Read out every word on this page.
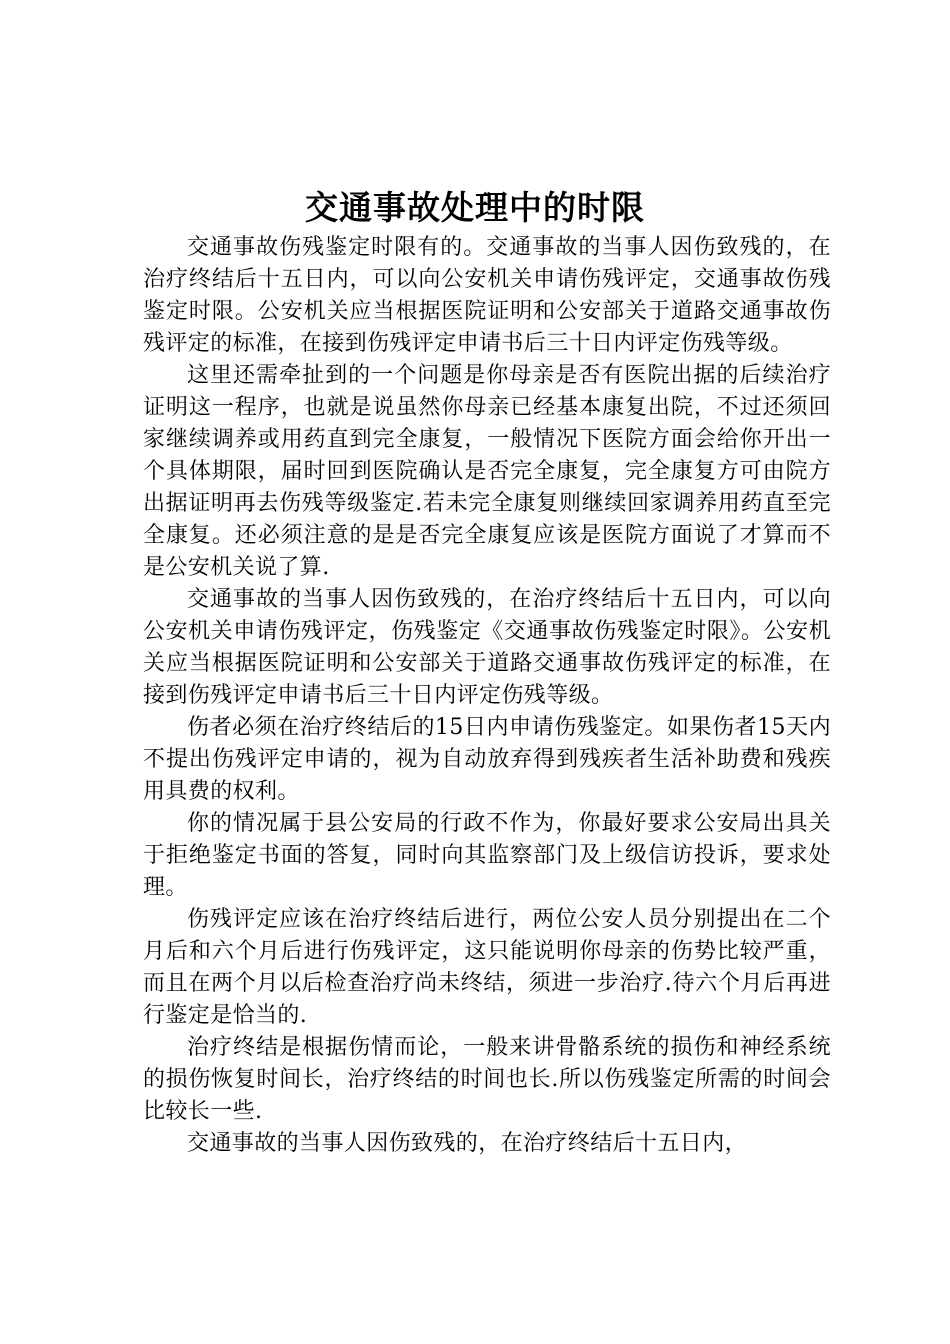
交通事故处理中的时限

交通事故伤残鉴定时限有的。交通事故的当事人因伤致残的，在治疗终结后十五日内，可以向公安机关申请伤残评定，交通事故伤残鉴定时限。公安机关应当根据医院证明和公安部关于道路交通事故伤残评定的标准，在接到伤残评定申请书后三十日内评定伤残等级。

这里还需牵扯到的一个问题是你母亲是否有医院出据的后续治疗证明这一程序，也就是说虽然你母亲已经基本康复出院，不过还须回家继续调养或用药直到完全康复，一般情况下医院方面会给你开出一个具体期限，届时回到医院确认是否完全康复，完全康复方可由院方出据证明再去伤残等级鉴定.若未完全康复则继续回家调养用药直至完全康复。还必须注意的是是否完全康复应该是医院方面说了才算而不是公安机关说了算.

交通事故的当事人因伤致残的，在治疗终结后十五日内，可以向公安机关申请伤残评定，伤残鉴定《交通事故伤残鉴定时限》。公安机关应当根据医院证明和公安部关于道路交通事故伤残评定的标准，在接到伤残评定申请书后三十日内评定伤残等级。

伤者必须在治疗终结后的15日内申请伤残鉴定。如果伤者15天内不提出伤残评定申请的，视为自动放弃得到残疾者生活补助费和残疾用具费的权利。

你的情况属于县公安局的行政不作为，你最好要求公安局出具关于拒绝鉴定书面的答复，同时向其监察部门及上级信访投诉，要求处理。

伤残评定应该在治疗终结后进行，两位公安人员分别提出在二个月后和六个月后进行伤残评定，这只能说明你母亲的伤势比较严重，而且在两个月以后检查治疗尚未终结，须进一步治疗.待六个月后再进行鉴定是恰当的.

治疗终结是根据伤情而论，一般来讲骨骼系统的损伤和神经系统的损伤恢复时间长，治疗终结的时间也长.所以伤残鉴定所需的时间会比较长一些.

交通事故的当事人因伤致残的，在治疗终结后十五日内，
